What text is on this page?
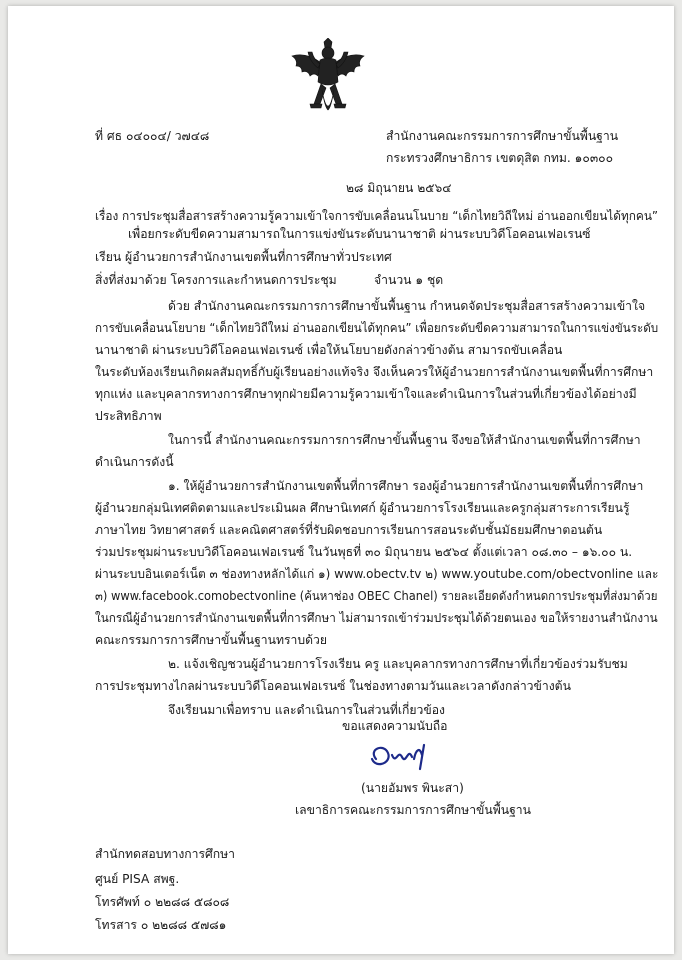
ที่ ศธ ๐๔๐๐๔/ ว๗๔๘	สำนักงานคณะกรรมการการศึกษาขั้นพื้นฐาน
กระทรวงศึกษาธิการ เขตดุสิต กทม. ๑๐๓๐๐
๒๘ มิถุนายน ๒๕๖๔
เรื่อง การประชุมสื่อสารสร้างความรู้ความเข้าใจการขับเคลื่อนนโนบาย “เด็กไทยวิถีใหม่ อ่านออกเขียนได้ทุกคน”
เพื่อยกระดับขีดความสามารถในการแข่งขันระดับนานาชาติ ผ่านระบบวิดีโอคอนเฟอเรนซ์
เรียน ผู้อำนวยการสำนักงานเขตพื้นที่การศึกษาทั่วประเทศ
สิ่งที่ส่งมาด้วย โครงการและกำหนดการประชุม	จำนวน ๑ ชุด
ด้วย สำนักงานคณะกรรมการการศึกษาขั้นพื้นฐาน กำหนดจัดประชุมสื่อสารสร้างความเข้าใจ
การขับเคลื่อนนโยบาย “เด็กไทยวิถีใหม่ อ่านออกเขียนได้ทุกคน” เพื่อยกระดับขีดความสามารถในการแข่งขันระดับ
นานาชาติ ผ่านระบบวิดีโอคอนเฟอเรนซ์ เพื่อให้นโยบายดังกล่าวข้างต้น สามารถขับเคลื่อน
ในระดับห้องเรียนเกิดผลสัมฤทธิ์กับผู้เรียนอย่างแท้จริง จึงเห็นควรให้ผู้อำนวยการสำนักงานเขตพื้นที่การศึกษา
ทุกแห่ง และบุคลากรทางการศึกษาทุกฝ่ายมีความรู้ความเข้าใจและดำเนินการในส่วนที่เกี่ยวข้องได้อย่างมี
ประสิทธิภาพ
ในการนี้ สำนักงานคณะกรรมการการศึกษาขั้นพื้นฐาน จึงขอให้สำนักงานเขตพื้นที่การศึกษา
ดำเนินการดังนี้
๑. ให้ผู้อำนวยการสำนักงานเขตพื้นที่การศึกษา รองผู้อำนวยการสำนักงานเขตพื้นที่การศึกษา
ผู้อำนวยกลุ่มนิเทศติดตามและประเมินผล ศึกษานิเทศก์ ผู้อำนวยการโรงเรียนและครูกลุ่มสาระการเรียนรู้
ภาษาไทย วิทยาศาสตร์ และคณิตศาสตร์ที่รับผิดชอบการเรียนการสอนระดับชั้นมัธยมศึกษาตอนต้น
ร่วมประชุมผ่านระบบวิดีโอคอนเฟอเรนซ์ ในวันพุธที่ ๓๐ มิถุนายน ๒๕๖๔ ตั้งแต่เวลา ๐๘.๓๐ – ๑๖.๐๐ น.
ผ่านระบบอินเตอร์เน็ต ๓ ช่องทางหลักได้แก่ ๑) www.obectv.tv ๒) www.youtube.com/obectvonline และ
๓) www.facebook.comobectvonline (ค้นหาช่อง OBEC Chanel) รายละเอียดดังกำหนดการประชุมที่ส่งมาด้วย
ในกรณีผู้อำนวยการสำนักงานเขตพื้นที่การศึกษา ไม่สามารถเข้าร่วมประชุมได้ด้วยตนเอง ขอให้รายงานสำนักงาน
คณะกรรมการการศึกษาขั้นพื้นฐานทราบด้วย
๒. แจ้งเชิญชวนผู้อำนวยการโรงเรียน ครู และบุคลากรทางการศึกษาที่เกี่ยวข้องร่วมรับชม
การประชุมทางไกลผ่านระบบวิดีโอคอนเฟอเรนซ์ ในช่องทางตามวันและเวลาดังกล่าวข้างต้น
จึงเรียนมาเพื่อทราบ และดำเนินการในส่วนที่เกี่ยวข้อง
ขอแสดงความนับถือ
(นายอัมพร พินะสา)
เลขาธิการคณะกรรมการการศึกษาขั้นพื้นฐาน
สำนักทดสอบทางการศึกษา
ศูนย์ PISA สพฐ.
โทรศัพท์ ๐ ๒๒๘๘ ๕๘๐๘
โทรสาร ๐ ๒๒๘๘ ๕๗๘๑
